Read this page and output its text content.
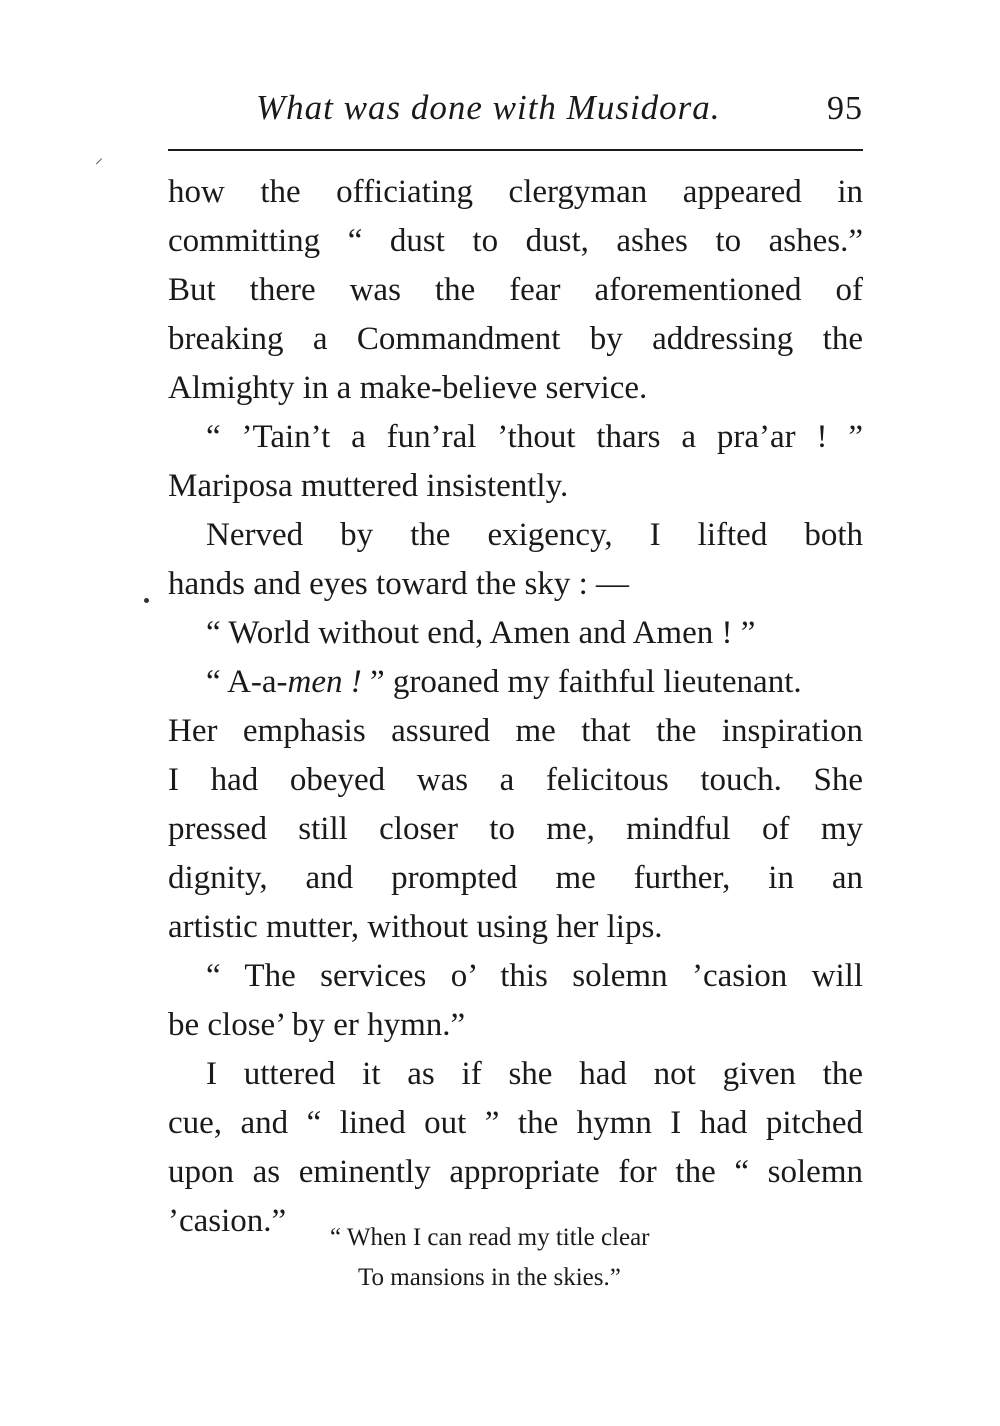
What was done with Musidora.	95
⸝
how the officiating clergyman appeared in
committing “ dust to dust, ashes to ashes.”
But there was the fear aforementioned of
breaking a Commandment by addressing the
Almighty in a make-believe service.
“ ’Tain’t a fun’ral ’thout thars a pra’ar ! ”
Mariposa muttered insistently.
Nerved by the exigency, I lifted both
hands and eyes toward the sky : —
“ World without end, Amen and Amen ! ”
“ A-a-men ! ” groaned my faithful lieutenant.
Her emphasis assured me that the inspiration
I had obeyed was a felicitous touch. She
pressed still closer to me, mindful of my
dignity, and prompted me further, in an
artistic mutter, without using her lips.
“ The services o’ this solemn ’casion will
be close’ by er hymn.”
I uttered it as if she had not given the
cue, and “ lined out ” the hymn I had pitched
upon as eminently appropriate for the “ solemn
’casion.”	“ When I can read my title clear
To mansions in the skies.”
